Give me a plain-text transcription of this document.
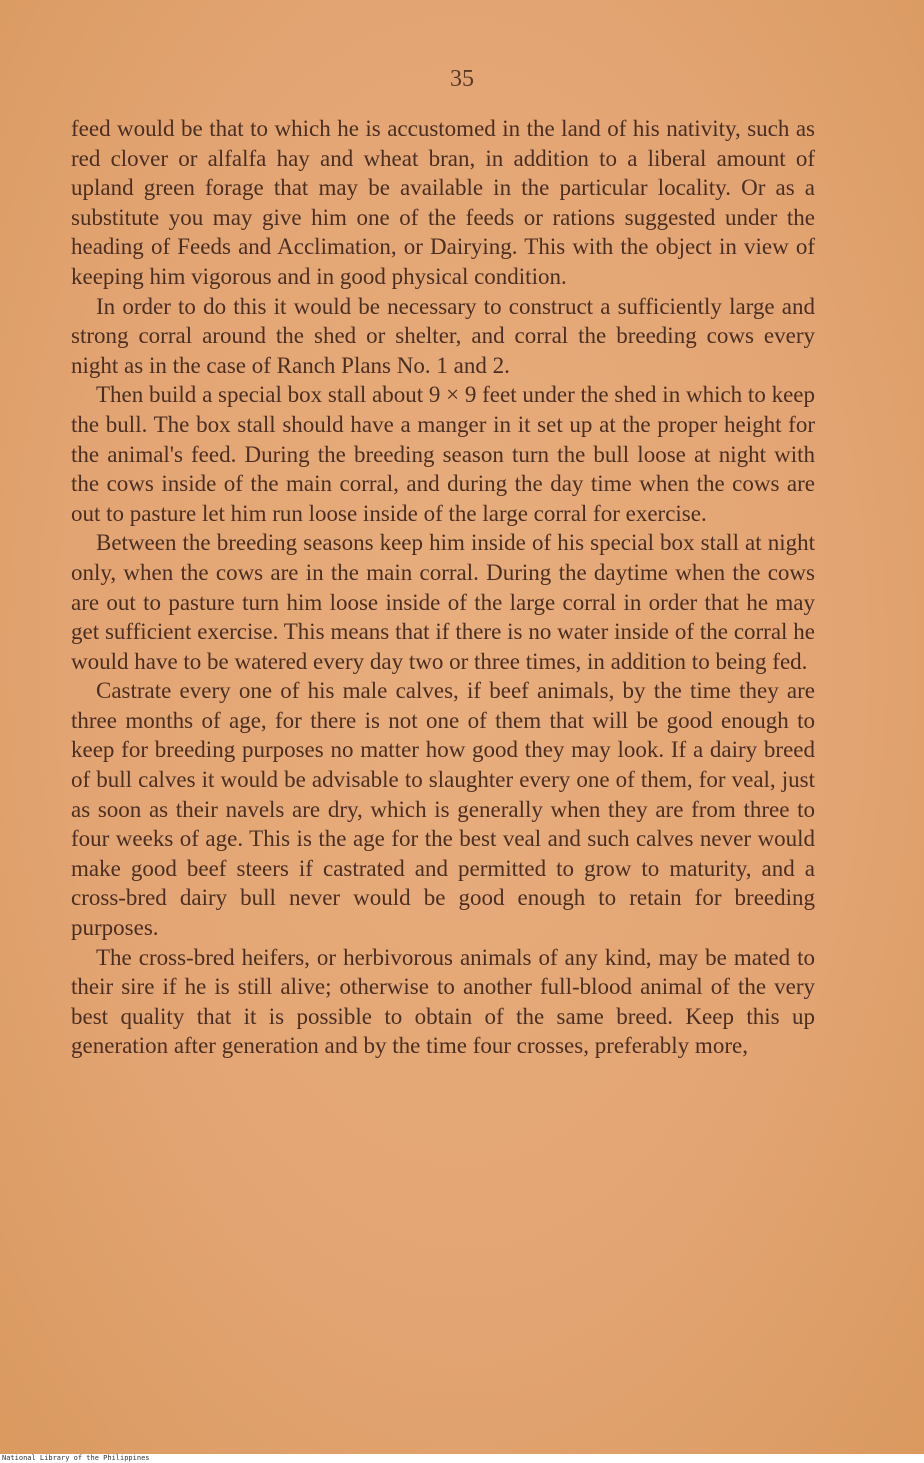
35

feed would be that to which he is accustomed in the land of his nativity, such as red clover or alfalfa hay and wheat bran, in addition to a liberal amount of upland green forage that may be available in the particular locality. Or as a substitute you may give him one of the feeds or rations suggested under the heading of Feeds and Acclimation, or Dairying. This with the object in view of keeping him vigorous and in good physical condition.

In order to do this it would be necessary to construct a sufficiently large and strong corral around the shed or shelter, and corral the breeding cows every night as in the case of Ranch Plans No. 1 and 2.

Then build a special box stall about 9 × 9 feet under the shed in which to keep the bull. The box stall should have a manger in it set up at the proper height for the animal's feed. During the breeding season turn the bull loose at night with the cows inside of the main corral, and during the day time when the cows are out to pasture let him run loose inside of the large corral for exercise.

Between the breeding seasons keep him inside of his special box stall at night only, when the cows are in the main corral. During the daytime when the cows are out to pasture turn him loose inside of the large corral in order that he may get sufficient exercise. This means that if there is no water inside of the corral he would have to be watered every day two or three times, in addition to being fed.

Castrate every one of his male calves, if beef animals, by the time they are three months of age, for there is not one of them that will be good enough to keep for breeding purposes no matter how good they may look. If a dairy breed of bull calves it would be advisable to slaughter every one of them, for veal, just as soon as their navels are dry, which is generally when they are from three to four weeks of age. This is the age for the best veal and such calves never would make good beef steers if castrated and permitted to grow to maturity, and a cross-bred dairy bull never would be good enough to retain for breeding purposes.

The cross-bred heifers, or herbivorous animals of any kind, may be mated to their sire if he is still alive; otherwise to another full-blood animal of the very best quality that it is possible to obtain of the same breed. Keep this up generation after generation and by the time four crosses, preferably more,

National Library of the Philippines
